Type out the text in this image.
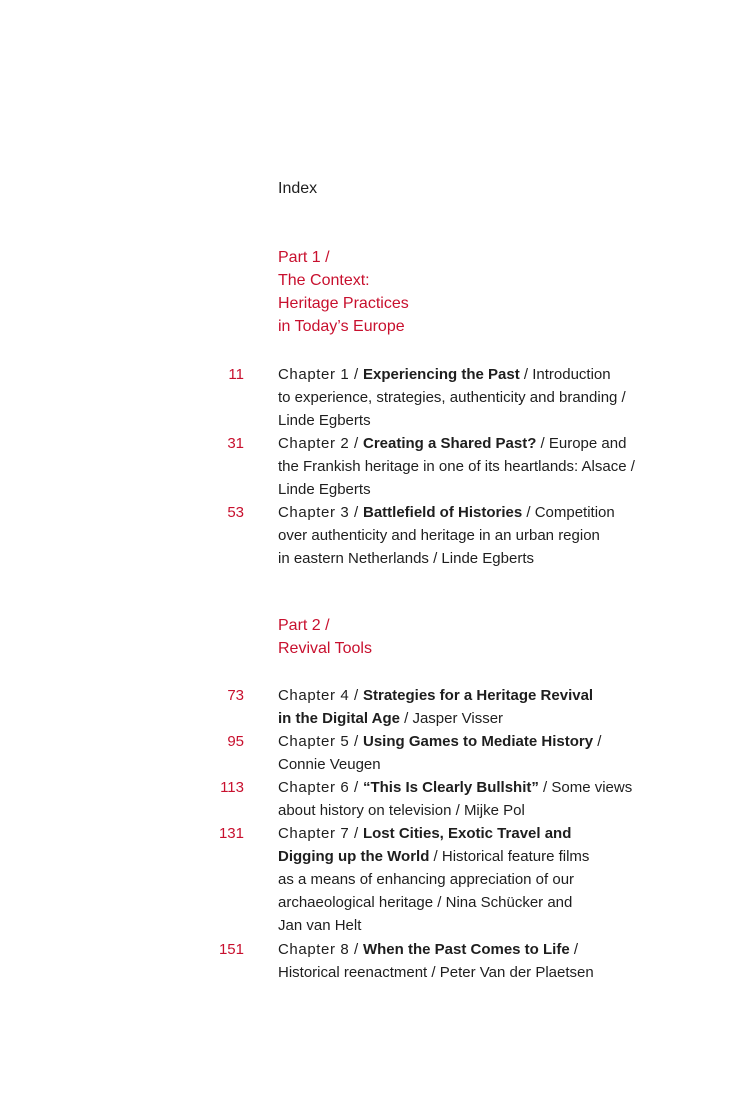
Index
Part 1 /
The Context:
Heritage Practices
in Today’s Europe
11 Chapter 1 / Experiencing the Past / Introduction
to experience, strategies, authenticity and branding /
Linde Egberts
31 Chapter 2 / Creating a Shared Past? / Europe and
the Frankish heritage in one of its heartlands: Alsace /
Linde Egberts
53 Chapter 3 / Battlefield of Histories / Competition
over authenticity and heritage in an urban region
in eastern Netherlands / Linde Egberts
Part 2 /
Revival Tools
73 Chapter 4 / Strategies for a Heritage Revival
in the Digital Age / Jasper Visser
95 Chapter 5 / Using Games to Mediate History /
Connie Veugen
113 Chapter 6 / “This Is Clearly Bullshit” / Some views
about history on television / Mijke Pol
131 Chapter 7 / Lost Cities, Exotic Travel and
Digging up the World / Historical feature films
as a means of enhancing appreciation of our
archaeological heritage / Nina Schücker and
Jan van Helt
151 Chapter 8 / When the Past Comes to Life /
Historical reenactment / Peter Van der Plaetsen
